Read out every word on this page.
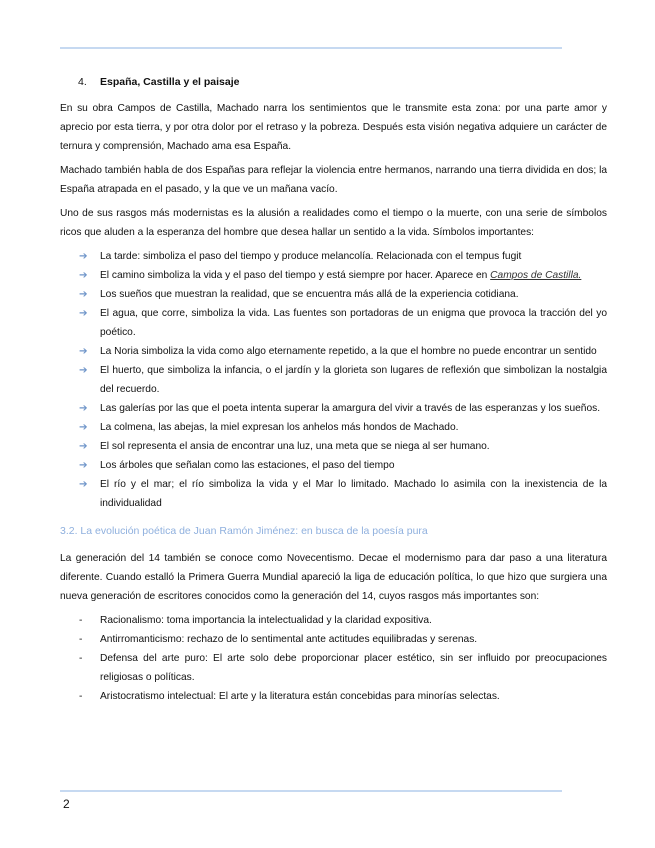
4. España, Castilla y el paisaje

En su obra Campos de Castilla, Machado narra los sentimientos que le transmite esta zona: por una parte amor y aprecio por esta tierra, y por otra dolor por el retraso y la pobreza. Después esta visión negativa adquiere un carácter de ternura y comprensión, Machado ama esa España.

Machado también habla de dos Españas para reflejar la violencia entre hermanos, narrando una tierra dividida en dos; la España atrapada en el pasado, y la que ve un mañana vacío.

Uno de sus rasgos más modernistas es la alusión a realidades como el tiempo o la muerte, con una serie de símbolos ricos que aluden a la esperanza del hombre que desea hallar un sentido a la vida. Símbolos importantes:

➔ La tarde: simboliza el paso del tiempo y produce melancolía. Relacionada con el tempus fugit
➔ El camino simboliza la vida y el paso del tiempo y está siempre por hacer. Aparece en Campos de Castilla.
➔ Los sueños que muestran la realidad, que se encuentra más allá de la experiencia cotidiana.
➔ El agua, que corre, simboliza la vida. Las fuentes son portadoras de un enigma que provoca la tracción del yo poético.
➔ La Noria simboliza la vida como algo eternamente repetido, a la que el hombre no puede encontrar un sentido
➔ El huerto, que simboliza la infancia, o el jardín y la glorieta son lugares de reflexión que simbolizan la nostalgia del recuerdo.
➔ Las galerías por las que el poeta intenta superar la amargura del vivir a través de las esperanzas y los sueños.
➔ La colmena, las abejas, la miel expresan los anhelos más hondos de Machado.
➔ El sol representa el ansia de encontrar una luz, una meta que se niega al ser humano.
➔ Los árboles que señalan como las estaciones, el paso del tiempo
➔ El río y el mar; el río simboliza la vida y el Mar lo limitado. Machado lo asimila con la inexistencia de la individualidad
3.2. La evolución poética de Juan Ramón Jiménez: en busca de la poesía pura

La generación del 14 también se conoce como Novecentismo. Decae el modernismo para dar paso a una literatura diferente. Cuando estalló la Primera Guerra Mundial apareció la liga de educación política, lo que hizo que surgiera una nueva generación de escritores conocidos como la generación del 14, cuyos rasgos más importantes son:

- Racionalismo: toma importancia la intelectualidad y la claridad expositiva.
- Antirromanticismo: rechazo de lo sentimental ante actitudes equilibradas y serenas.
- Defensa del arte puro: El arte solo debe proporcionar placer estético, sin ser influido por preocupaciones religiosas o políticas.
- Aristocratismo intelectual: El arte y la literatura están concebidas para minorías selectas.
2
